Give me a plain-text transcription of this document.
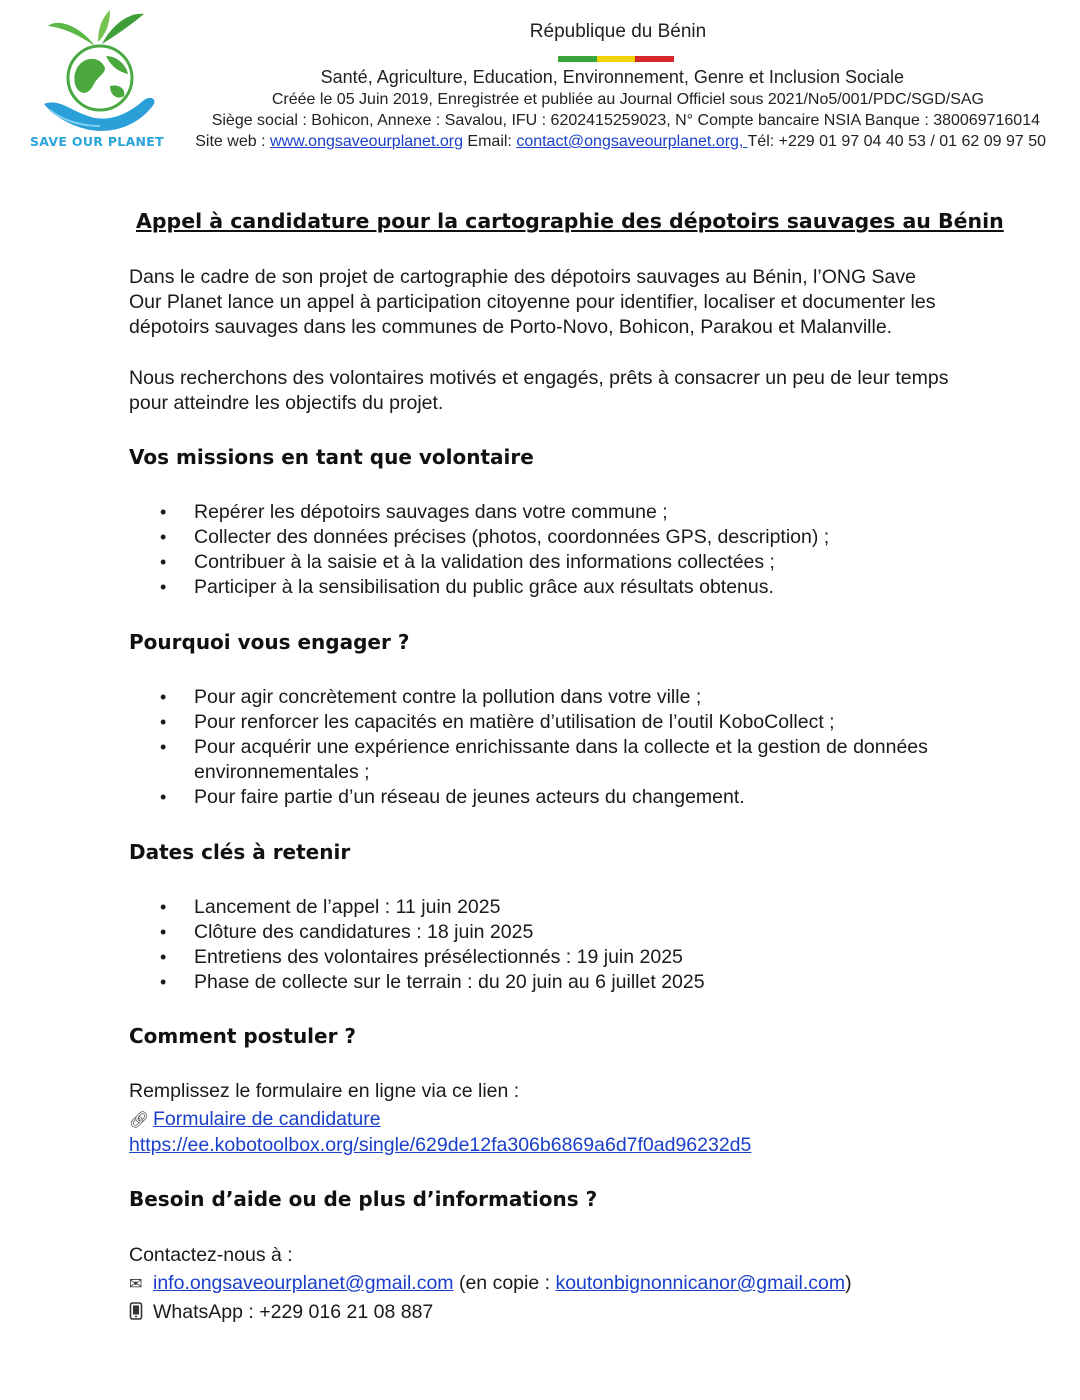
SAVE OUR PLANET
République du Bénin
Santé, Agriculture, Education, Environnement, Genre et Inclusion Sociale
Créée le 05 Juin 2019, Enregistrée et publiée au Journal Officiel sous 2021/No5/001/PDC/SGD/SAG
Siège social : Bohicon, Annexe : Savalou, IFU : 6202415259023, N° Compte bancaire NSIA Banque : 380069716014
Site web : www.ongsaveourplanet.org Email: contact@ongsaveourplanet.org, Tél: +229 01 97 04 40 53 / 01 62 09 97 50
Appel à candidature pour la cartographie des dépotoirs sauvages au Bénin
Dans le cadre de son projet de cartographie des dépotoirs sauvages au Bénin, l’ONG Save
Our Planet lance un appel à participation citoyenne pour identifier, localiser et documenter les
dépotoirs sauvages dans les communes de Porto-Novo, Bohicon, Parakou et Malanville.
Nous recherchons des volontaires motivés et engagés, prêts à consacrer un peu de leur temps
pour atteindre les objectifs du projet.
Vos missions en tant que volontaire
• Repérer les dépotoirs sauvages dans votre commune ;
• Collecter des données précises (photos, coordonnées GPS, description) ;
• Contribuer à la saisie et à la validation des informations collectées ;
• Participer à la sensibilisation du public grâce aux résultats obtenus.
Pourquoi vous engager ?
• Pour agir concrètement contre la pollution dans votre ville ;
• Pour renforcer les capacités en matière d’utilisation de l’outil KoboCollect ;
• Pour acquérir une expérience enrichissante dans la collecte et la gestion de données environnementales ;
• Pour faire partie d’un réseau de jeunes acteurs du changement.
Dates clés à retenir
• Lancement de l’appel : 11 juin 2025
• Clôture des candidatures : 18 juin 2025
• Entretiens des volontaires présélectionnés : 19 juin 2025
• Phase de collecte sur le terrain : du 20 juin au 6 juillet 2025
Comment postuler ?
Remplissez le formulaire en ligne via ce lien :
🔗︎ Formulaire de candidature
https://ee.kobotoolbox.org/single/629de12fa306b6869a6d7f0ad96232d5
Besoin d’aide ou de plus d’informations ?
Contactez-nous à :
✉︎ info.ongsaveourplanet@gmail.com (en copie : koutonbignonnicanor@gmail.com)
WhatsApp : +229 016 21 08 887
